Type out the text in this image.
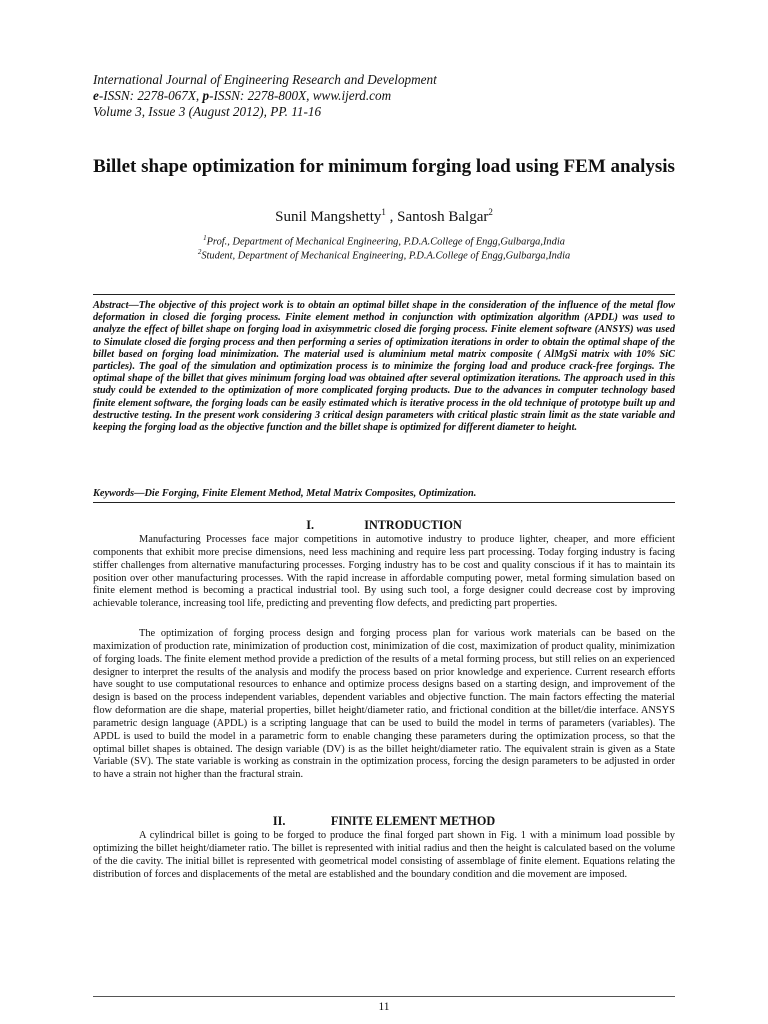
International Journal of Engineering Research and Development
e-ISSN: 2278-067X, p-ISSN: 2278-800X, www.ijerd.com
Volume 3, Issue 3 (August 2012), PP. 11-16
Billet shape optimization for minimum forging load using FEM analysis
Sunil Mangshetty$^1$ , Santosh Balgar$^2$
$^1$Prof., Department of Mechanical Engineering, P.D.A.College of Engg,Gulbarga,India
$^2$Student, Department of Mechanical Engineering, P.D.A.College of Engg,Gulbarga,India

Abstract—The objective of this project work is to obtain an optimal billet shape in the consideration of the influence of the metal flow deformation in closed die forging process. Finite element method in conjunction with optimization algorithm (APDL) was used to analyze the effect of billet shape on forging load in axisymmetric closed die forging process. Finite element software (ANSYS) was used to Simulate closed die forging process and then performing a series of optimization iterations in order to obtain the optimal shape of the billet based on forging load minimization. The material used is aluminium metal matrix composite ( AlMgSi matrix with 10% SiC particles). The goal of the simulation and optimization process is to minimize the forging load and produce crack-free forgings. The optimal shape of the billet that gives minimum forging load was obtained after several optimization iterations. The approach used in this study could be extended to the optimization of more complicated forging products. Due to the advances in computer technology based finite element software, the forging loads can be easily estimated which is iterative process in the old technique of prototype built up and destructive testing. In the present work considering 3 critical design parameters with critical plastic strain limit as the state variable and keeping the forging load as the objective function and the billet shape is optimized for different diameter to height.

Keywords—Die Forging, Finite Element Method, Metal Matrix Composites, Optimization.

I.	INTRODUCTION

Manufacturing Processes face major competitions in automotive industry to produce lighter, cheaper, and more efficient components that exhibit more precise dimensions, need less machining and require less part processing. Today forging industry is facing stiffer challenges from alternative manufacturing processes. Forging industry has to be cost and quality conscious if it has to maintain its position over other manufacturing processes. With the rapid increase in affordable computing power, metal forming simulation based on finite element method is becoming a practical industrial tool. By using such tool, a forge designer could decrease cost by improving achievable tolerance, increasing tool life, predicting and preventing flow defects, and predicting part properties.

The optimization of forging process design and forging process plan for various work materials can be based on the maximization of production rate, minimization of production cost, minimization of die cost, maximization of product quality, minimization of forging loads. The finite element method provide a prediction of the results of a metal forming process, but still relies on an experienced designer to interpret the results of the analysis and modify the process based on prior knowledge and experience. Current research efforts have sought to use computational resources to enhance and optimize process designs based on a starting design, and improvement of the design is based on the process independent variables, dependent variables and objective function. The main factors effecting the material flow deformation are die shape, material properties, billet height/diameter ratio, and frictional condition at the billet/die interface. ANSYS parametric design language (APDL) is a scripting language that can be used to build the model in terms of parameters (variables). The APDL is used to build the model in a parametric form to enable changing these parameters during the optimization process, so that the optimal billet shapes is obtained. The design variable (DV) is as the billet height/diameter ratio. The equivalent strain is given as a State Variable (SV). The state variable is working as constrain in the optimization process, forcing the design parameters to be adjusted in order to have a strain not higher than the fractural strain.

II.	FINITE ELEMENT METHOD

A cylindrical billet is going to be forged to produce the final forged part shown in Fig. 1 with a minimum load possible by optimizing the billet height/diameter ratio. The billet is represented with initial radius and then the height is calculated based on the volume of the die cavity. The initial billet is represented with geometrical model consisting of assemblage of finite element. Equations relating the distribution of forces and displacements of the metal are established and the boundary condition and die movement are imposed.

11
